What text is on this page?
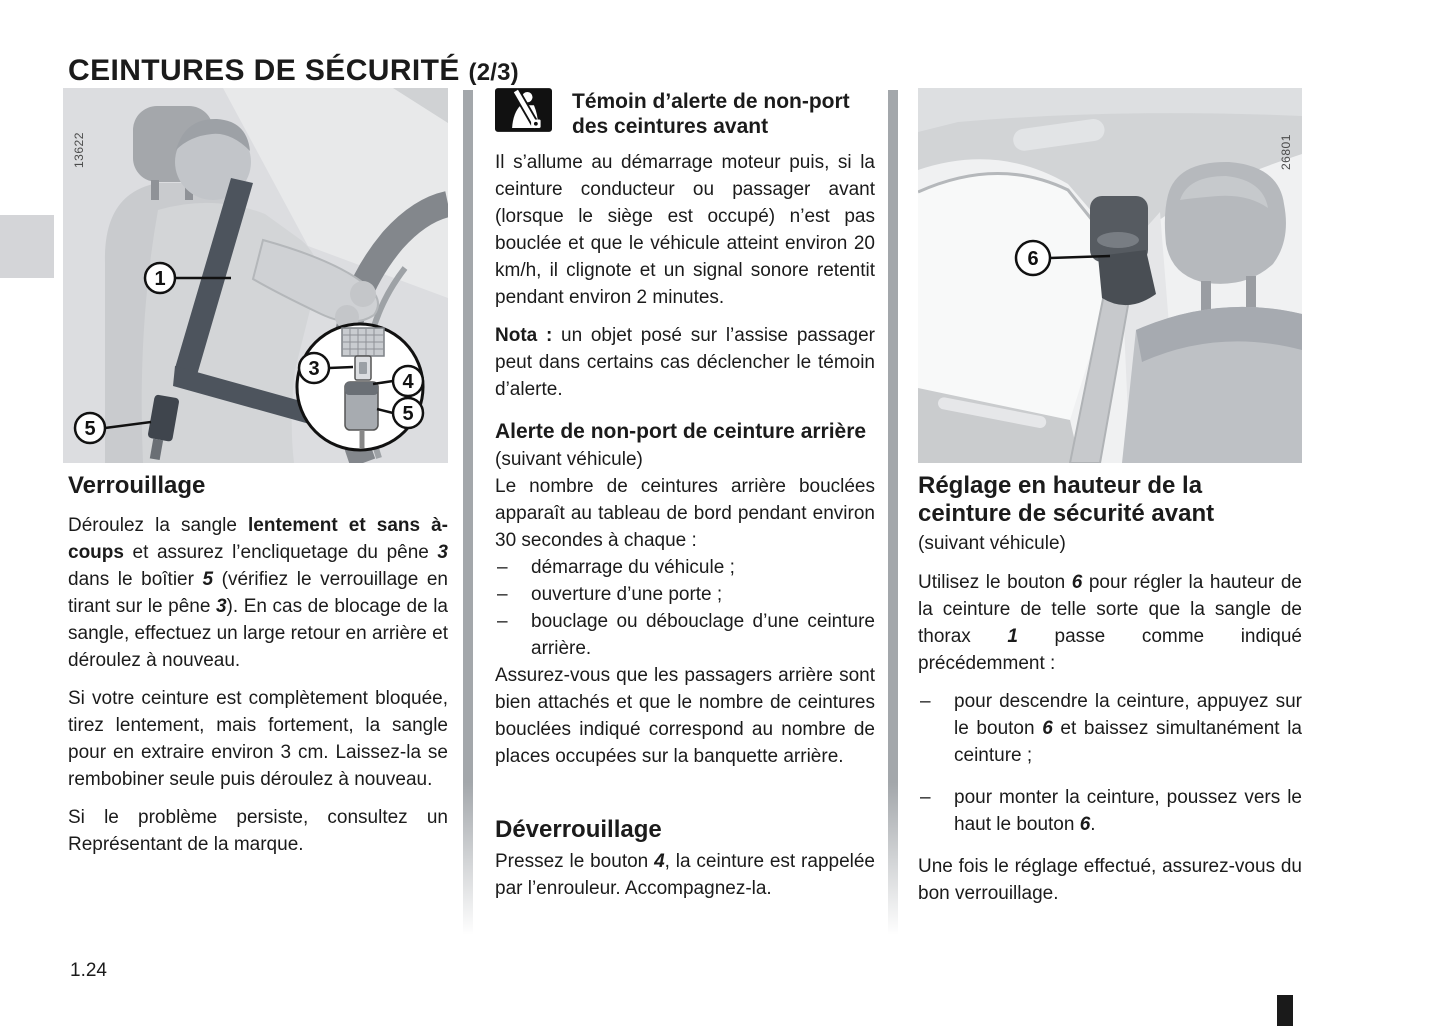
CEINTURES DE SÉCURITÉ (2/3)
1.24
1
5
3
4
5
13622
6
26801
Verrouillage

Déroulez la sangle lentement et sans à-coups et assurez l’encliquetage du pêne 3 dans le boîtier 5 (vérifiez le verrouillage en tirant sur le pêne 3). En cas de blocage de la sangle, effectuez un large retour en arrière et déroulez à nouveau.

Si votre ceinture est complètement bloquée, tirez lentement, mais fortement, la sangle pour en extraire environ 3 cm. Laissez-la se rembobiner seule puis déroulez à nouveau.

Si le problème persiste, consultez un Représentant de la marque.

Témoin d’alerte de non-port des ceintures avant

Il s’allume au démarrage moteur puis, si la ceinture conducteur ou passager avant (lorsque le siège est occupé) n’est pas bouclée et que le véhicule atteint environ 20 km/h, il clignote et un signal sonore retentit pendant environ 2 minutes.

Nota : un objet posé sur l’assise passager peut dans certains cas déclencher le témoin d’alerte.

Alerte de non-port de ceinture arrière

(suivant véhicule)

Le nombre de ceintures arrière bouclées apparaît au tableau de bord pendant environ 30 secondes à chaque :

– démarrage du véhicule ;
– ouverture d’une porte ;
– bouclage ou débouclage d’une ceinture arrière.

Assurez-vous que les passagers arrière sont bien attachés et que le nombre de ceintures bouclées indiqué correspond au nombre de places occupées sur la banquette arrière.

Déverrouillage

Pressez le bouton 4, la ceinture est rappelée par l’enrouleur. Accompagnez-la.

Réglage en hauteur de la ceinture de sécurité avant

(suivant véhicule)

Utilisez le bouton 6 pour régler la hauteur de la ceinture de telle sorte que la sangle de thorax 1 passe comme indiqué précédemment :

– pour descendre la ceinture, appuyez sur le bouton 6 et baissez simultanément la ceinture ;
– pour monter la ceinture, poussez vers le haut le bouton 6.

Une fois le réglage effectué, assurez-vous du bon verrouillage.
